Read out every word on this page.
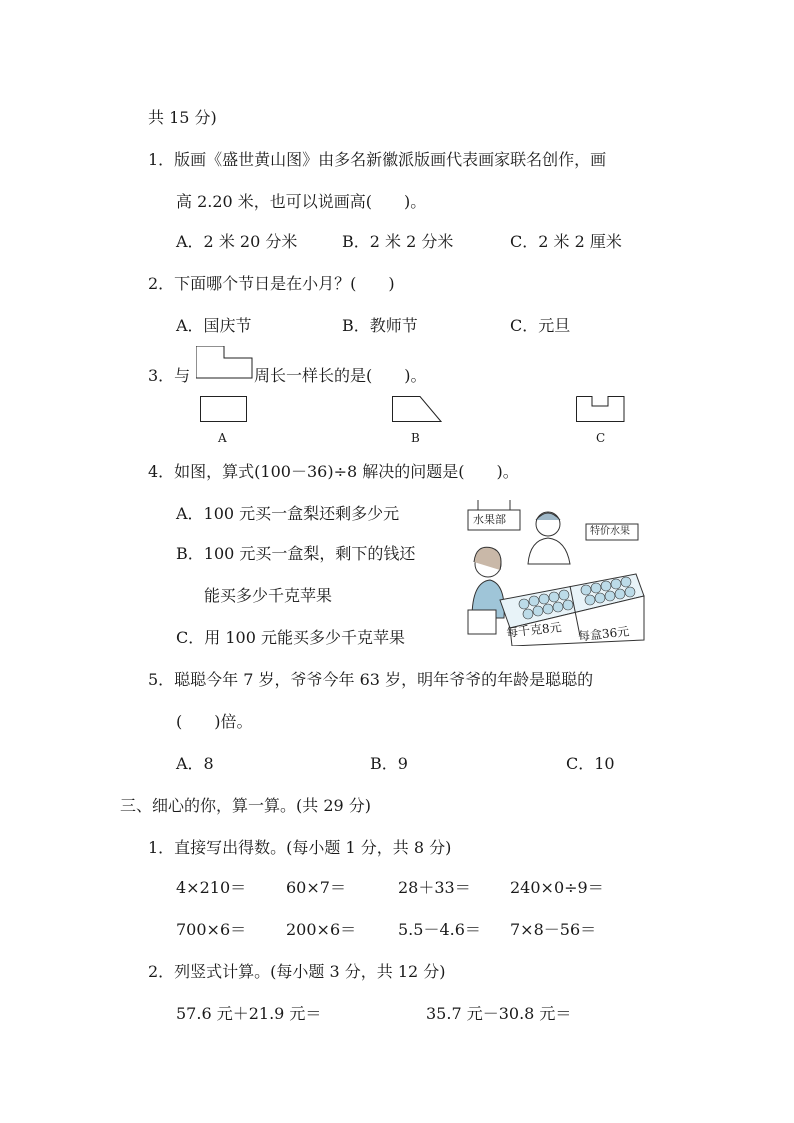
共 15 分)
1．版画《盛世黄山图》由多名新徽派版画代表画家联名创作，画
高 2.20 米，也可以说画高(　　)。
A．2 米 20 分米	B．2 米 2 分米	C．2 米 2 厘米
2．下面哪个节日是在小月？(　　)
A．国庆节	B．教师节	C．元旦
3．与	周长一样长的是(　　)。
A	B	C
4．如图，算式(100－36)÷8 解决的问题是(　　)。
A．100 元买一盒梨还剩多少元
B．100 元买一盒梨，剩下的钱还
能买多少千克苹果
C．用 100 元能买多少千克苹果
水果部
特价水果
每千克8元 每盒36元
5．聪聪今年 7 岁，爷爷今年 63 岁，明年爷爷的年龄是聪聪的
(　　)倍。
A．8	B．9	C．10
三、细心的你，算一算。(共 29 分)
1．直接写出得数。(每小题 1 分，共 8 分)
4×210＝ 60×7＝	28＋33＝ 240×0÷9＝
700×6＝ 200×6＝	5.5－4.6＝ 7×8－56＝
2．列竖式计算。(每小题 3 分，共 12 分)
57.6 元＋21.9 元＝	35.7 元－30.8 元＝
